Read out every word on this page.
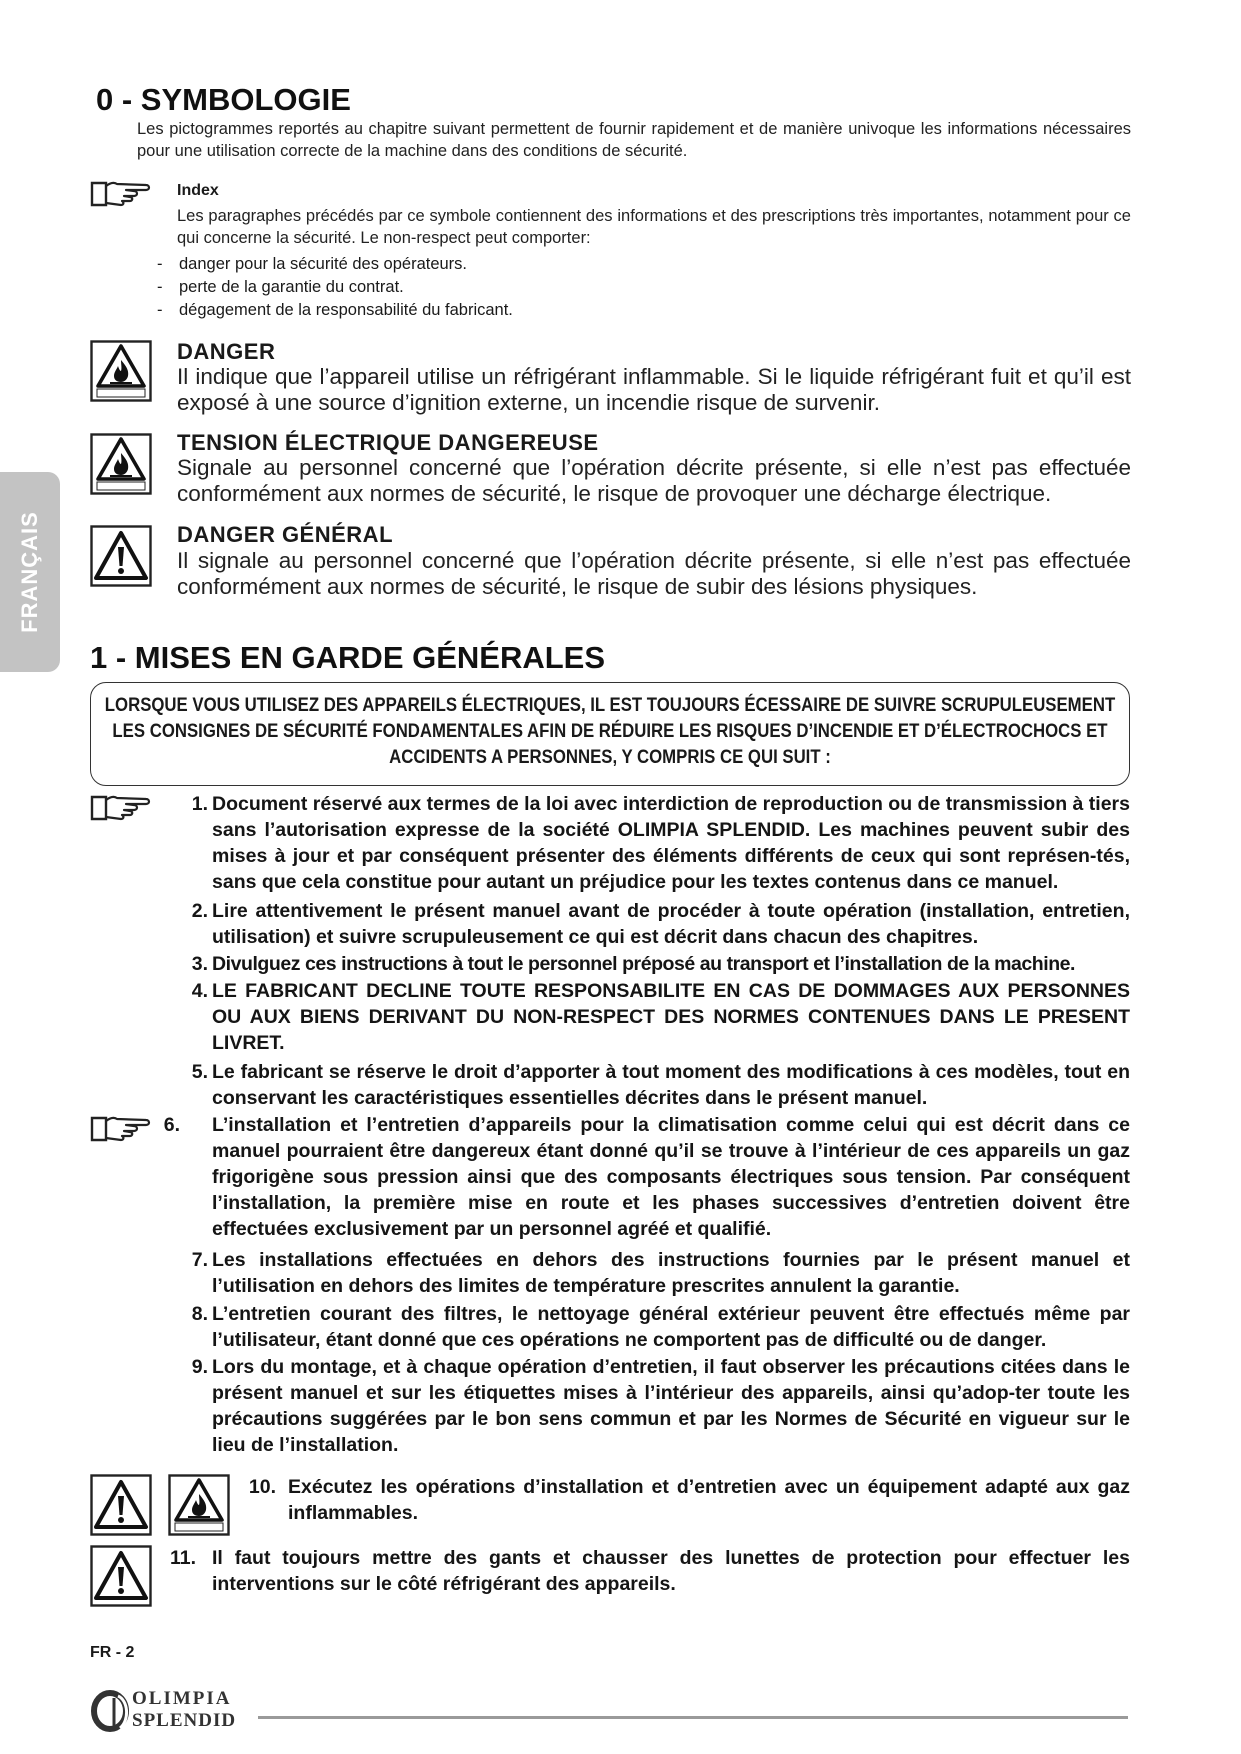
FRANÇAIS
0 - SYMBOLOGIE
Les pictogrammes reportés au chapitre suivant permettent de fournir rapidement et de manière univoque les informations nécessaires pour une utilisation correcte de la machine dans des conditions de sécurité.
Index
Les paragraphes précédés par ce symbole contiennent des informations et des prescriptions très importantes, notamment pour ce qui concerne la sécurité. Le non-respect peut comporter:
- danger pour la sécurité des opérateurs.
- perte de la garantie du contrat.
- dégagement de la responsabilité du fabricant.
DANGER
Il indique que l’appareil utilise un réfrigérant inflammable. Si le liquide réfrigérant fuit et qu’il est exposé à une source d’ignition externe, un incendie risque de survenir.
TENSION ÉLECTRIQUE DANGEREUSE
Signale au personnel concerné que l’opération décrite présente, si elle n’est pas effectuée conformément aux normes de sécurité, le risque de provoquer une décharge électrique.
DANGER GÉNÉRAL
Il signale au personnel concerné que l’opération décrite présente, si elle n’est pas effectuée conformément aux normes de sécurité, le risque de subir des lésions physiques.
1 - MISES EN GARDE GÉNÉRALES
LORSQUE VOUS UTILISEZ DES APPAREILS ÉLECTRIQUES, IL EST TOUJOURS ÉCESSAIRE DE SUIVRE SCRUPULEUSEMENT LES CONSIGNES DE SÉCURITÉ FONDAMENTALES AFIN DE RÉDUIRE LES RISQUES D’INCENDIE ET D’ÉLECTROCHOCS ET ACCIDENTS A PERSONNES, Y COMPRIS CE QUI SUIT :
1. Document réservé aux termes de la loi avec interdiction de reproduction ou de transmission à tiers sans l’autorisation expresse de la société OLIMPIA SPLENDID. Les machines peuvent subir des mises à jour et par conséquent présenter des éléments différents de ceux qui sont représen-tés, sans que cela constitue pour autant un préjudice pour les textes contenus dans ce manuel.
2. Lire attentivement le présent manuel avant de procéder à toute opération (installation, entretien, utilisation) et suivre scrupuleusement ce qui est décrit dans chacun des chapitres.
3. Divulguez ces instructions à tout le personnel préposé au transport et l’installation de la machine.
4. LE FABRICANT DECLINE TOUTE RESPONSABILITE EN CAS DE DOMMAGES AUX PERSONNES OU AUX BIENS DERIVANT DU NON-RESPECT DES NORMES CONTENUES DANS LE PRESENT LIVRET.
5. Le fabricant se réserve le droit d’apporter à tout moment des modifications à ces modèles, tout en conservant les caractéristiques essentielles décrites dans le présent manuel.
6. L’installation et l’entretien d’appareils pour la climatisation comme celui qui est décrit dans ce manuel pourraient être dangereux étant donné qu’il se trouve à l’intérieur de ces appareils un gaz frigorigène sous pression ainsi que des composants électriques sous tension. Par conséquent l’installation, la première mise en route et les phases successives d’entretien doivent être effectuées exclusivement par un personnel agréé et qualifié.
7. Les installations effectuées en dehors des instructions fournies par le présent manuel et l’utilisation en dehors des limites de température prescrites annulent la garantie.
8. L’entretien courant des filtres, le nettoyage général extérieur peuvent être effectués même par l’utilisateur, étant donné que ces opérations ne comportent pas de difficulté ou de danger.
9. Lors du montage, et à chaque opération d’entretien, il faut observer les précautions citées dans le présent manuel et sur les étiquettes mises à l’intérieur des appareils, ainsi qu’adop-ter toute les précautions suggérées par le bon sens commun et par les Normes de Sécurité en vigueur sur le lieu de l’installation.
10. Exécutez les opérations d’installation et d’entretien avec un équipement adapté aux gaz inflammables.
11. Il faut toujours mettre des gants et chausser des lunettes de protection pour effectuer les interventions sur le côté réfrigérant des appareils.
FR - 2
OLIMPIA
SPLENDID
